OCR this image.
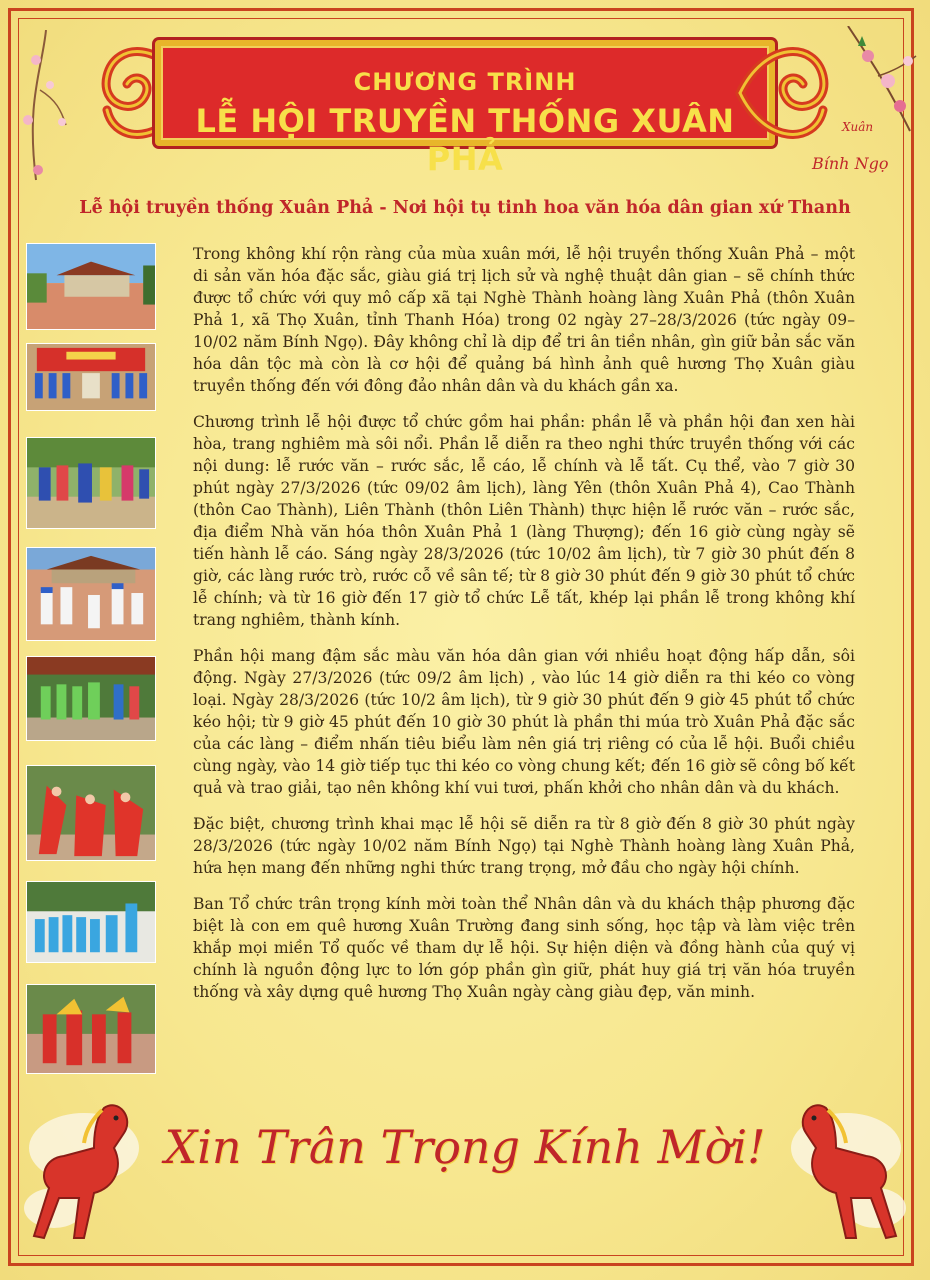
CHƯƠNG TRÌNH
LỄ HỘI TRUYỀN THỐNG XUÂN PHẢ
Xuân
Bính Ngọ
Lễ hội truyền thống Xuân Phả - Nơi hội tụ tinh hoa văn hóa dân gian xứ Thanh

Trong không khí rộn ràng của mùa xuân mới, lễ hội truyền thống Xuân Phả – một di sản văn hóa đặc sắc, giàu giá trị lịch sử và nghệ thuật dân gian – sẽ chính thức được tổ chức với quy mô cấp xã tại Nghè Thành hoàng làng Xuân Phả (thôn Xuân Phả 1, xã Thọ Xuân, tỉnh Thanh Hóa) trong 02 ngày 27–28/3/2026 (tức ngày 09–10/02 năm Bính Ngọ). Đây không chỉ là dịp để tri ân tiền nhân, gìn giữ bản sắc văn hóa dân tộc mà còn là cơ hội để quảng bá hình ảnh quê hương Thọ Xuân giàu truyền thống đến với đông đảo nhân dân và du khách gần xa.

Chương trình lễ hội được tổ chức gồm hai phần: phần lễ và phần hội đan xen hài hòa, trang nghiêm mà sôi nổi. Phần lễ diễn ra theo nghi thức truyền thống với các nội dung: lễ rước văn – rước sắc, lễ cáo, lễ chính và lễ tất. Cụ thể, vào 7 giờ 30 phút ngày 27/3/2026 (tức 09/02 âm lịch), làng Yên (thôn Xuân Phả 4), Cao Thành (thôn Cao Thành), Liên Thành (thôn Liên Thành) thực hiện lễ rước văn – rước sắc, địa điểm Nhà văn hóa thôn Xuân Phả 1 (làng Thượng); đến 16 giờ cùng ngày sẽ tiến hành lễ cáo. Sáng ngày 28/3/2026 (tức 10/02 âm lịch), từ 7 giờ 30 phút đến 8 giờ, các làng rước trò, rước cỗ về sân tế; từ 8 giờ 30 phút đến 9 giờ 30 phút tổ chức lễ chính; và từ 16 giờ đến 17 giờ tổ chức Lễ tất, khép lại phần lễ trong không khí trang nghiêm, thành kính.

Phần hội mang đậm sắc màu văn hóa dân gian với nhiều hoạt động hấp dẫn, sôi động. Ngày 27/3/2026 (tức 09/2 âm lịch) , vào lúc 14 giờ diễn ra thi kéo co vòng loại. Ngày 28/3/2026 (tức 10/2 âm lịch), từ 9 giờ 30 phút đến 9 giờ 45 phút tổ chức kéo hội; từ 9 giờ 45 phút đến 10 giờ 30 phút là phần thi múa trò Xuân Phả đặc sắc của các làng – điểm nhấn tiêu biểu làm nên giá trị riêng có của lễ hội. Buổi chiều cùng ngày, vào 14 giờ tiếp tục thi kéo co vòng chung kết; đến 16 giờ sẽ công bố kết quả và trao giải, tạo nên không khí vui tươi, phấn khởi cho nhân dân và du khách.

Đặc biệt, chương trình khai mạc lễ hội sẽ diễn ra từ 8 giờ đến 8 giờ 30 phút ngày 28/3/2026 (tức ngày 10/02 năm Bính Ngọ) tại Nghè Thành hoàng làng Xuân Phả, hứa hẹn mang đến những nghi thức trang trọng, mở đầu cho ngày hội chính.

Ban Tổ chức trân trọng kính mời toàn thể Nhân dân và du khách thập phương đặc biệt là con em quê hương Xuân Trường đang sinh sống, học tập và làm việc trên khắp mọi miền Tổ quốc về tham dự lễ hội. Sự hiện diện và đồng hành của quý vị chính là nguồn động lực to lớn góp phần gìn giữ, phát huy giá trị văn hóa truyền thống và xây dựng quê hương Thọ Xuân ngày càng giàu đẹp, văn minh.

Xin Trân Trọng Kính Mời!
